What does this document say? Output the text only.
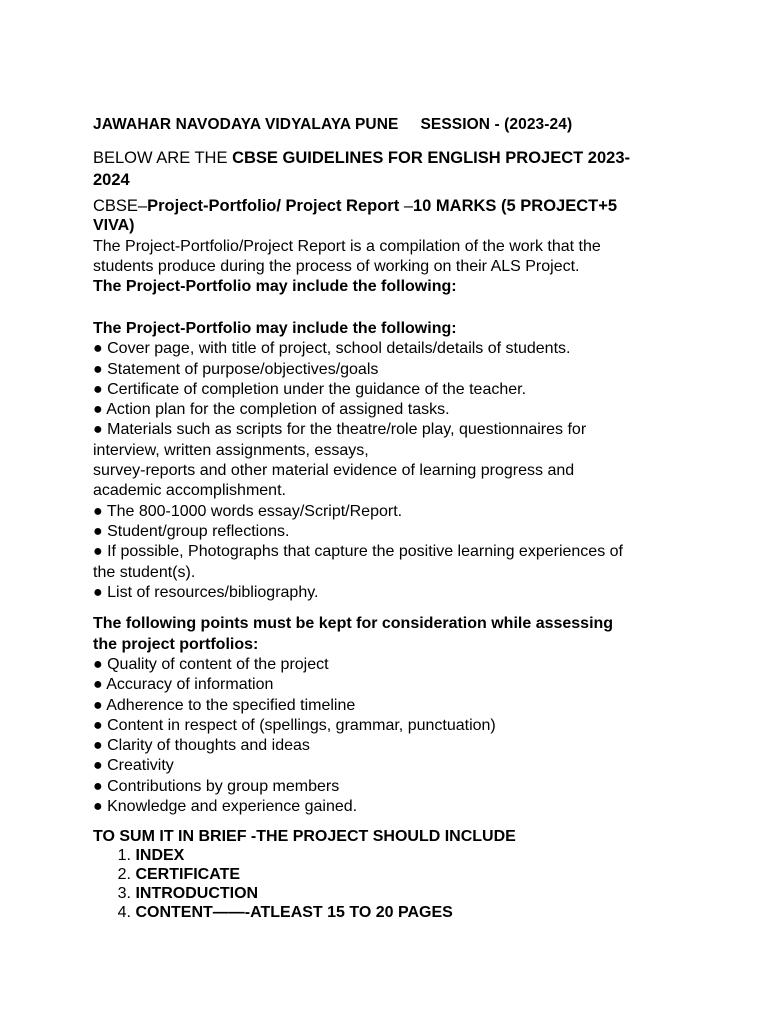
JAWAHAR NAVODAYA VIDYALAYA PUNE SESSION - (2023-24)
BELOW ARE THE CBSE GUIDELINES FOR ENGLISH PROJECT 2023-
2024
CBSE–Project-Portfolio/ Project Report –10 MARKS (5 PROJECT+5
VIVA)
The Project-Portfolio/Project Report is a compilation of the work that the
students produce during the process of working on their ALS Project.
The Project-Portfolio may include the following:
The Project-Portfolio may include the following:
● Cover page, with title of project, school details/details of students.
● Statement of purpose/objectives/goals
● Certificate of completion under the guidance of the teacher.
● Action plan for the completion of assigned tasks.
● Materials such as scripts for the theatre/role play, questionnaires for
interview, written assignments, essays,
survey-reports and other material evidence of learning progress and
academic accomplishment.
● The 800-1000 words essay/Script/Report.
● Student/group reflections.
● If possible, Photographs that capture the positive learning experiences of
the student(s).
● List of resources/bibliography.
The following points must be kept for consideration while assessing
the project portfolios:
● Quality of content of the project
● Accuracy of information
● Adherence to the specified timeline
● Content in respect of (spellings, grammar, punctuation)
● Clarity of thoughts and ideas
● Creativity
● Contributions by group members
● Knowledge and experience gained.
TO SUM IT IN BRIEF -THE PROJECT SHOULD INCLUDE
1. INDEX
2. CERTIFICATE
3. INTRODUCTION
4. CONTENT——-ATLEAST 15 TO 20 PAGES
